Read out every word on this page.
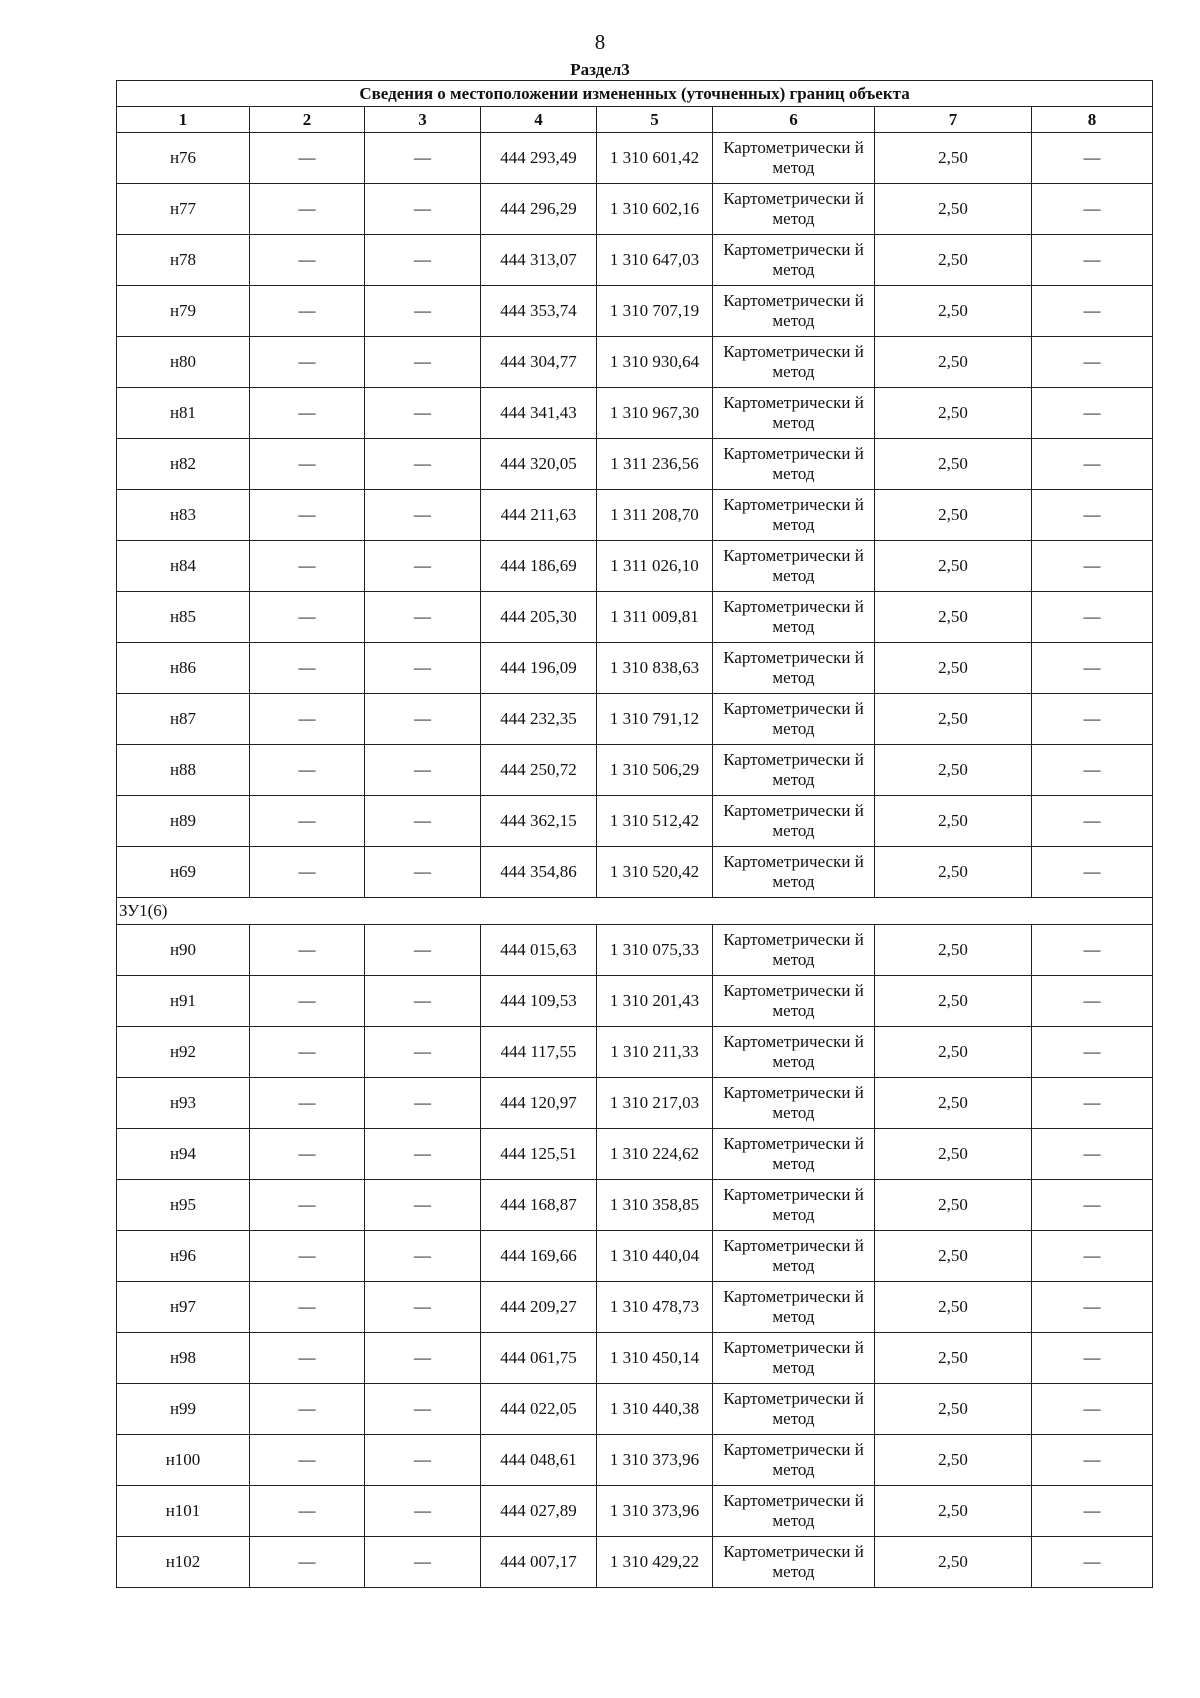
8
Раздел3
Сведения о местоположении измененных (уточненных) границ объекта							
1	2	3	4	5	6	7	8
н76	—	—	444 293,49	1 310 601,42	Картометрически й метод	2,50	—
н77	—	—	444 296,29	1 310 602,16	Картометрически й метод	2,50	—
н78	—	—	444 313,07	1 310 647,03	Картометрически й метод	2,50	—
н79	—	—	444 353,74	1 310 707,19	Картометрически й метод	2,50	—
н80	—	—	444 304,77	1 310 930,64	Картометрически й метод	2,50	—
н81	—	—	444 341,43	1 310 967,30	Картометрически й метод	2,50	—
н82	—	—	444 320,05	1 311 236,56	Картометрически й метод	2,50	—
н83	—	—	444 211,63	1 311 208,70	Картометрически й метод	2,50	—
н84	—	—	444 186,69	1 311 026,10	Картометрически й метод	2,50	—
н85	—	—	444 205,30	1 311 009,81	Картометрически й метод	2,50	—
н86	—	—	444 196,09	1 310 838,63	Картометрически й метод	2,50	—
н87	—	—	444 232,35	1 310 791,12	Картометрически й метод	2,50	—
н88	—	—	444 250,72	1 310 506,29	Картометрически й метод	2,50	—
н89	—	—	444 362,15	1 310 512,42	Картометрически й метод	2,50	—
н69	—	—	444 354,86	1 310 520,42	Картометрически й метод	2,50	—
ЗУ1(6)							
н90	—	—	444 015,63	1 310 075,33	Картометрически й метод	2,50	—
н91	—	—	444 109,53	1 310 201,43	Картометрически й метод	2,50	—
н92	—	—	444 117,55	1 310 211,33	Картометрически й метод	2,50	—
н93	—	—	444 120,97	1 310 217,03	Картометрически й метод	2,50	—
н94	—	—	444 125,51	1 310 224,62	Картометрически й метод	2,50	—
н95	—	—	444 168,87	1 310 358,85	Картометрически й метод	2,50	—
н96	—	—	444 169,66	1 310 440,04	Картометрически й метод	2,50	—
н97	—	—	444 209,27	1 310 478,73	Картометрически й метод	2,50	—
н98	—	—	444 061,75	1 310 450,14	Картометрически й метод	2,50	—
н99	—	—	444 022,05	1 310 440,38	Картометрически й метод	2,50	—
н100	—	—	444 048,61	1 310 373,96	Картометрически й метод	2,50	—
н101	—	—	444 027,89	1 310 373,96	Картометрически й метод	2,50	—
н102	—	—	444 007,17	1 310 429,22	Картометрически й метод	2,50	—
